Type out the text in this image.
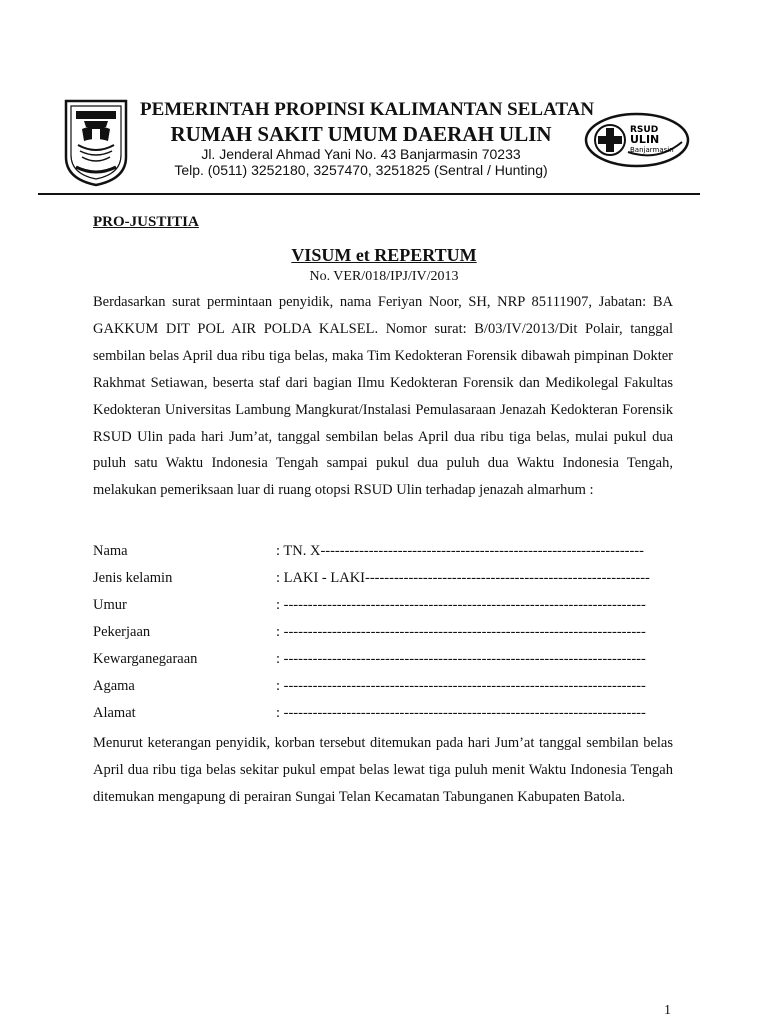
PEMERINTAH PROPINSI KALIMANTAN SELATAN
RUMAH SAKIT UMUM DAERAH ULIN
Jl. Jenderal Ahmad Yani No. 43 Banjarmasin 70233
Telp. (0511) 3252180, 3257470, 3251825 (Sentral / Hunting)
RSUD
ULIN
Banjarmasin
PRO-JUSTITIA
VISUM et REPERTUM
No. VER/018/IPJ/IV/2013
Berdasarkan surat permintaan penyidik, nama Feriyan Noor, SH, NRP 85111907, Jabatan: BA GAKKUM DIT POL AIR POLDA KALSEL. Nomor surat: B/03/IV/2013/Dit Polair, tanggal sembilan belas April dua ribu tiga belas, maka Tim Kedokteran Forensik dibawah pimpinan Dokter Rakhmat Setiawan, beserta staf dari bagian Ilmu Kedokteran Forensik dan Medikolegal Fakultas Kedokteran Universitas Lambung Mangkurat/Instalasi Pemulasaraan Jenazah Kedokteran Forensik RSUD Ulin pada hari Jum’at, tanggal sembilan belas April dua ribu tiga belas, mulai pukul dua puluh satu Waktu Indonesia Tengah sampai pukul dua puluh dua Waktu Indonesia Tengah, melakukan pemeriksaan luar di ruang otopsi RSUD Ulin terhadap jenazah almarhum :
Nama	: TN. X-------------------------------------------------------------------
Jenis kelamin	: LAKI - LAKI-----------------------------------------------------------
Umur	: ---------------------------------------------------------------------------
Pekerjaan	: ---------------------------------------------------------------------------
Kewarganegaraan	: ---------------------------------------------------------------------------
Agama	: ---------------------------------------------------------------------------
Alamat	: ---------------------------------------------------------------------------
Menurut keterangan penyidik, korban tersebut ditemukan pada hari Jum’at tanggal sembilan belas April dua ribu tiga belas sekitar pukul empat belas lewat tiga puluh menit Waktu Indonesia Tengah ditemukan mengapung di perairan Sungai Telan Kecamatan Tabunganen Kabupaten Batola.
1
